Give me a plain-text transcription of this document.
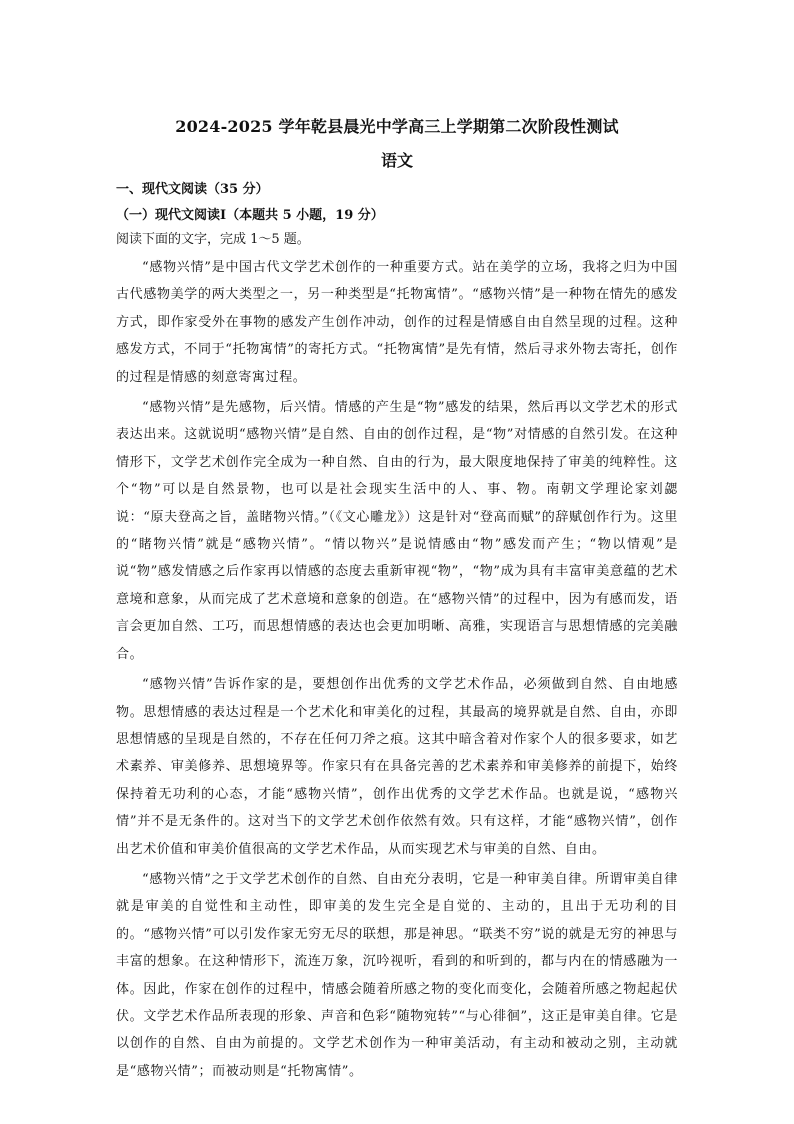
2024-2025 学年乾县晨光中学高三上学期第二次阶段性测试
语文
一、现代文阅读（35 分）
（一）现代文阅读Ⅰ（本题共 5 小题，19 分）
阅读下面的文字，完成 1～5 题。

“感物兴情”是中国古代文学艺术创作的一种重要方式。站在美学的立场，我将之归为中国古代感物美学的两大类型之一，另一种类型是“托物寓情”。“感物兴情”是一种物在情先的感发方式，即作家受外在事物的感发产生创作冲动，创作的过程是情感自由自然呈现的过程。这种感发方式，不同于“托物寓情”的寄托方式。“托物寓情”是先有情，然后寻求外物去寄托，创作的过程是情感的刻意寄寓过程。

“感物兴情”是先感物，后兴情。情感的产生是“物”感发的结果，然后再以文学艺术的形式表达出来。这就说明“感物兴情”是自然、自由的创作过程，是“物”对情感的自然引发。在这种情形下，文学艺术创作完全成为一种自然、自由的行为，最大限度地保持了审美的纯粹性。这个“物”可以是自然景物，也可以是社会现实生活中的人、事、物。南朝文学理论家刘勰说：“原夫登高之旨，盖睹物兴情。”（《文心雕龙》）这是针对“登高而赋”的辞赋创作行为。这里的“睹物兴情”就是“感物兴情”。“情以物兴”是说情感由“物”感发而产生；“物以情观”是说“物”感发情感之后作家再以情感的态度去重新审视“物”，“物”成为具有丰富审美意蕴的艺术意境和意象，从而完成了艺术意境和意象的创造。在“感物兴情”的过程中，因为有感而发，语言会更加自然、工巧，而思想情感的表达也会更加明晰、高雅，实现语言与思想情感的完美融合。

“感物兴情”告诉作家的是，要想创作出优秀的文学艺术作品，必须做到自然、自由地感物。思想情感的表达过程是一个艺术化和审美化的过程，其最高的境界就是自然、自由，亦即思想情感的呈现是自然的，不存在任何刀斧之痕。这其中暗含着对作家个人的很多要求，如艺术素养、审美修养、思想境界等。作家只有在具备完善的艺术素养和审美修养的前提下，始终保持着无功利的心态，才能“感物兴情”，创作出优秀的文学艺术作品。也就是说，“感物兴情”并不是无条件的。这对当下的文学艺术创作依然有效。只有这样，才能“感物兴情”，创作出艺术价值和审美价值很高的文学艺术作品，从而实现艺术与审美的自然、自由。

“感物兴情”之于文学艺术创作的自然、自由充分表明，它是一种审美自律。所谓审美自律就是审美的自觉性和主动性，即审美的发生完全是自觉的、主动的，且出于无功利的目的。“感物兴情”可以引发作家无穷无尽的联想，那是神思。“联类不穷”说的就是无穷的神思与丰富的想象。在这种情形下，流连万象，沉吟视听，看到的和听到的，都与内在的情感融为一体。因此，作家在创作的过程中，情感会随着所感之物的变化而变化，会随着所感之物起起伏伏。文学艺术作品所表现的形象、声音和色彩“随物宛转”“与心徘徊”，这正是审美自律。它是以创作的自然、自由为前提的。文学艺术创作为一种审美活动，有主动和被动之别，主动就是“感物兴情”；而被动则是“托物寓情”。
